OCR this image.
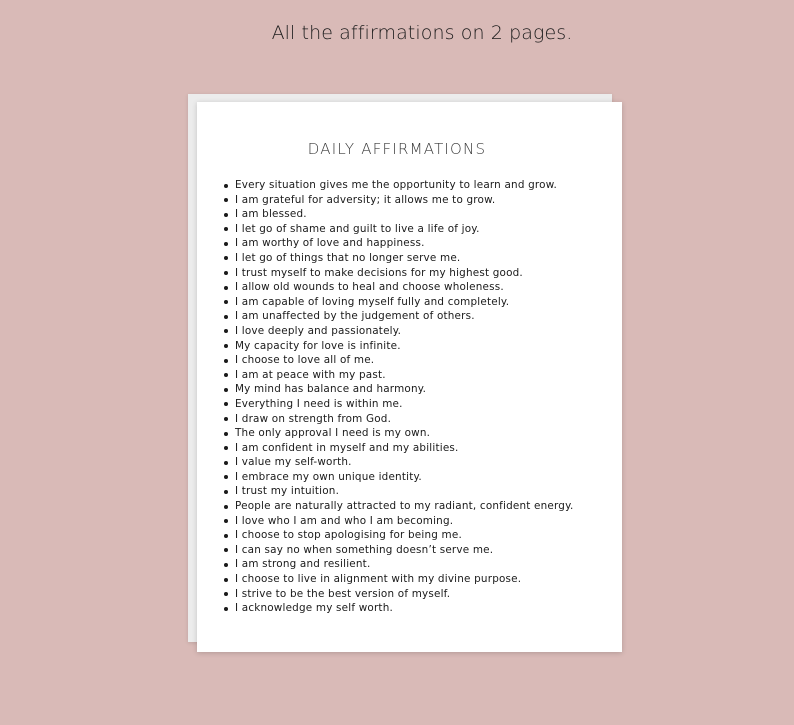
All the affirmations on 2 pages.
DAILY AFFIRMATIONS
Every situation gives me the opportunity to learn and grow.
I am grateful for adversity; it allows me to grow.
I am blessed.
I let go of shame and guilt to live a life of joy.
I am worthy of love and happiness.
I let go of things that no longer serve me.
I trust myself to make decisions for my highest good.
I allow old wounds to heal and choose wholeness.
I am capable of loving myself fully and completely.
I am unaffected by the judgement of others.
I love deeply and passionately.
My capacity for love is infinite.
I choose to love all of me.
I am at peace with my past.
My mind has balance and harmony.
Everything I need is within me.
I draw on strength from God.
The only approval I need is my own.
I am confident in myself and my abilities.
I value my self-worth.
I embrace my own unique identity.
I trust my intuition.
People are naturally attracted to my radiant, confident energy.
I love who I am and who I am becoming.
I choose to stop apologising for being me.
I can say no when something doesn’t serve me.
I am strong and resilient.
I choose to live in alignment with my divine purpose.
I strive to be the best version of myself.
I acknowledge my self worth.
